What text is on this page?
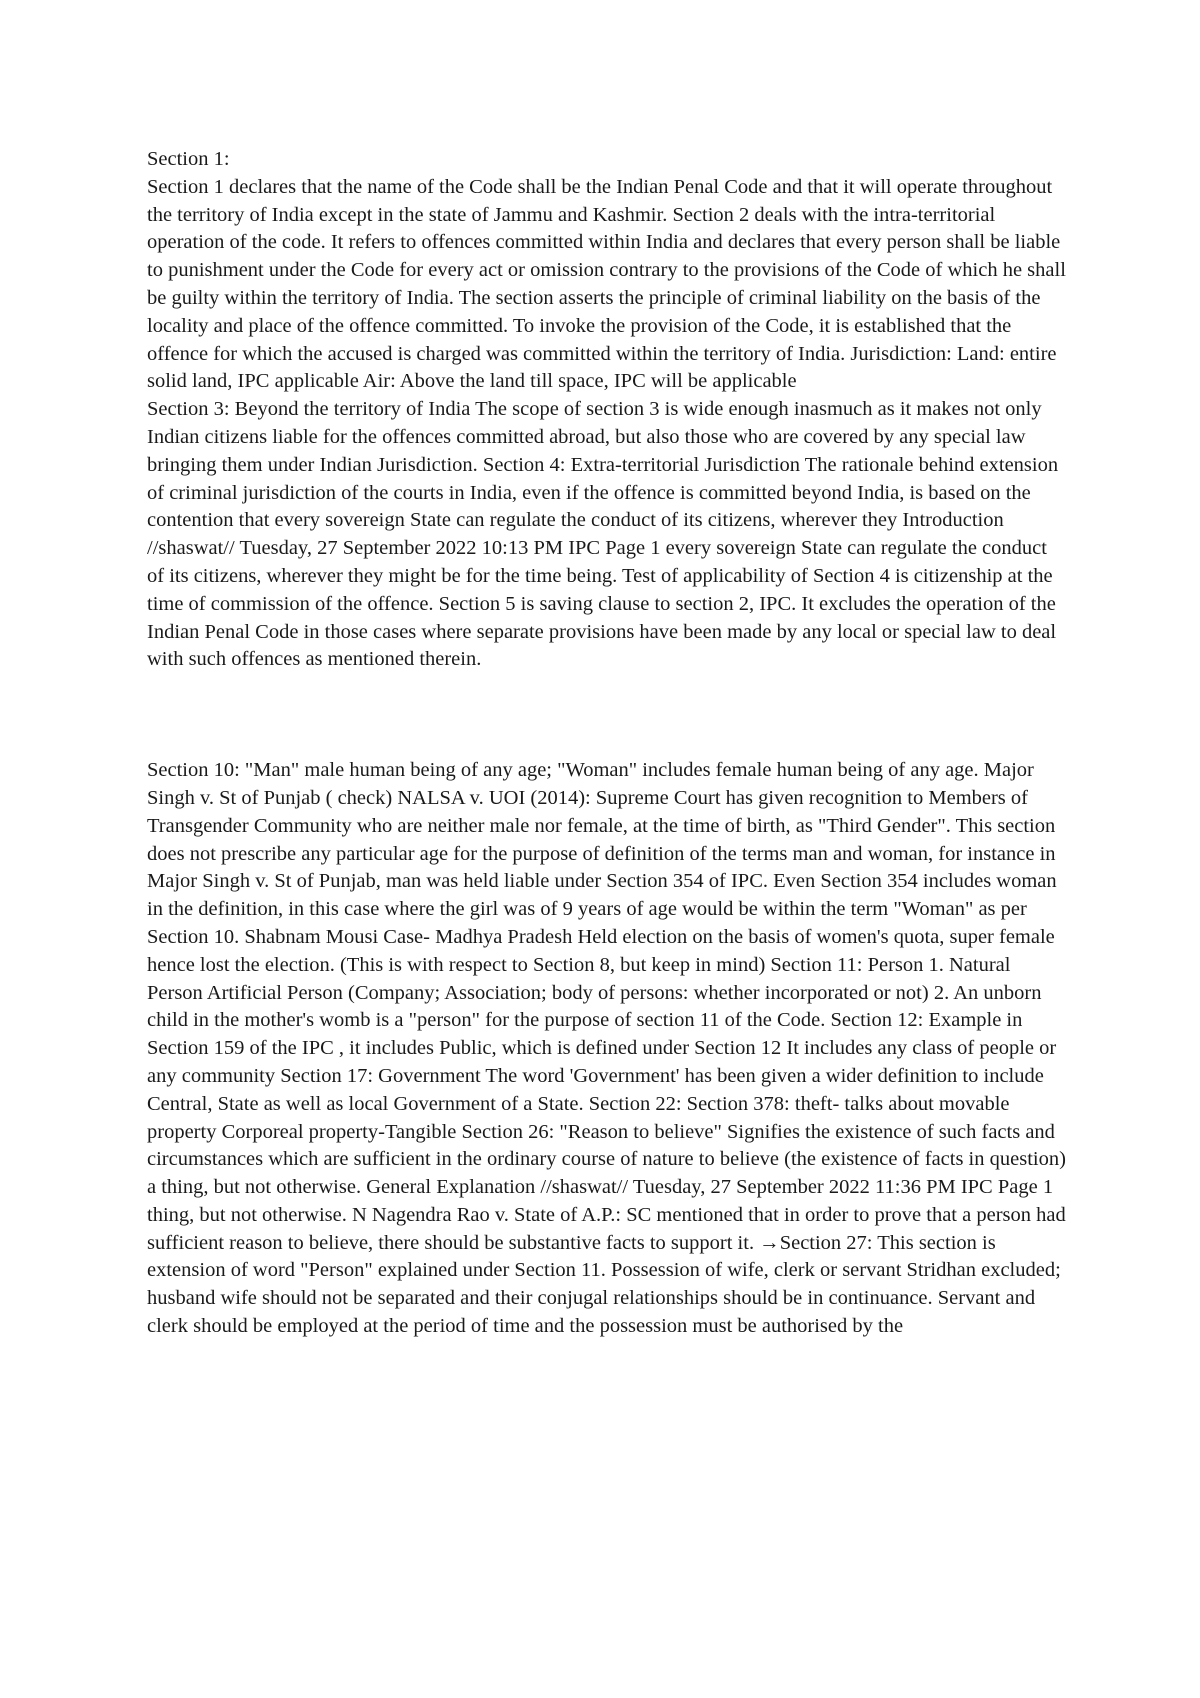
Section 1:

Section 1 declares that the name of the Code shall be the Indian Penal Code and that it will operate throughout the territory of India except in the state of Jammu and Kashmir. Section 2 deals with the intra-territorial operation of the code. It refers to offences committed within India and declares that every person shall be liable to punishment under the Code for every act or omission contrary to the provisions of the Code of which he shall be guilty within the territory of India. The section asserts the principle of criminal liability on the basis of the locality and place of the offence committed. To invoke the provision of the Code, it is established that the offence for which the accused is charged was committed within the territory of India. Jurisdiction: Land: entire solid land, IPC applicable Air: Above the land till space, IPC will be applicable

Section 3: Beyond the territory of India The scope of section 3 is wide enough inasmuch as it makes not only Indian citizens liable for the offences committed abroad, but also those who are covered by any special law bringing them under Indian Jurisdiction. Section 4: Extra-territorial Jurisdiction The rationale behind extension of criminal jurisdiction of the courts in India, even if the offence is committed beyond India, is based on the contention that every sovereign State can regulate the conduct of its citizens, wherever they Introduction //shaswat// Tuesday, 27 September 2022 10:13 PM IPC Page 1 every sovereign State can regulate the conduct of its citizens, wherever they might be for the time being. Test of applicability of Section 4 is citizenship at the time of commission of the offence. Section 5 is saving clause to section 2, IPC. It excludes the operation of the Indian Penal Code in those cases where separate provisions have been made by any local or special law to deal with such offences as mentioned therein.

Section 10: "Man" male human being of any age; "Woman" includes female human being of any age. Major Singh v. St of Punjab ( check) NALSA v. UOI (2014): Supreme Court has given recognition to Members of Transgender Community who are neither male nor female, at the time of birth, as "Third Gender". This section does not prescribe any particular age for the purpose of definition of the terms man and woman, for instance in Major Singh v. St of Punjab, man was held liable under Section 354 of IPC. Even Section 354 includes woman in the definition, in this case where the girl was of 9 years of age would be within the term "Woman" as per Section 10. Shabnam Mousi Case- Madhya Pradesh Held election on the basis of women's quota, super female hence lost the election. (This is with respect to Section 8, but keep in mind) Section 11: Person 1. Natural Person Artificial Person (Company; Association; body of persons: whether incorporated or not) 2. An unborn child in the mother's womb is a "person" for the purpose of section 11 of the Code. Section 12: Example in Section 159 of the IPC , it includes Public, which is defined under Section 12 It includes any class of people or any community Section 17: Government The word 'Government' has been given a wider definition to include Central, State as well as local Government of a State. Section 22: Section 378: theft- talks about movable property Corporeal property-Tangible Section 26: "Reason to believe" Signifies the existence of such facts and circumstances which are sufficient in the ordinary course of nature to believe (the existence of facts in question) a thing, but not otherwise. General Explanation //shaswat// Tuesday, 27 September 2022 11:36 PM IPC Page 1 thing, but not otherwise. N Nagendra Rao v. State of A.P.: SC mentioned that in order to prove that a person had sufficient reason to believe, there should be substantive facts to support it. →Section 27: This section is extension of word "Person" explained under Section 11. Possession of wife, clerk or servant Stridhan excluded; husband wife should not be separated and their conjugal relationships should be in continuance. Servant and clerk should be employed at the period of time and the possession must be authorised by the
